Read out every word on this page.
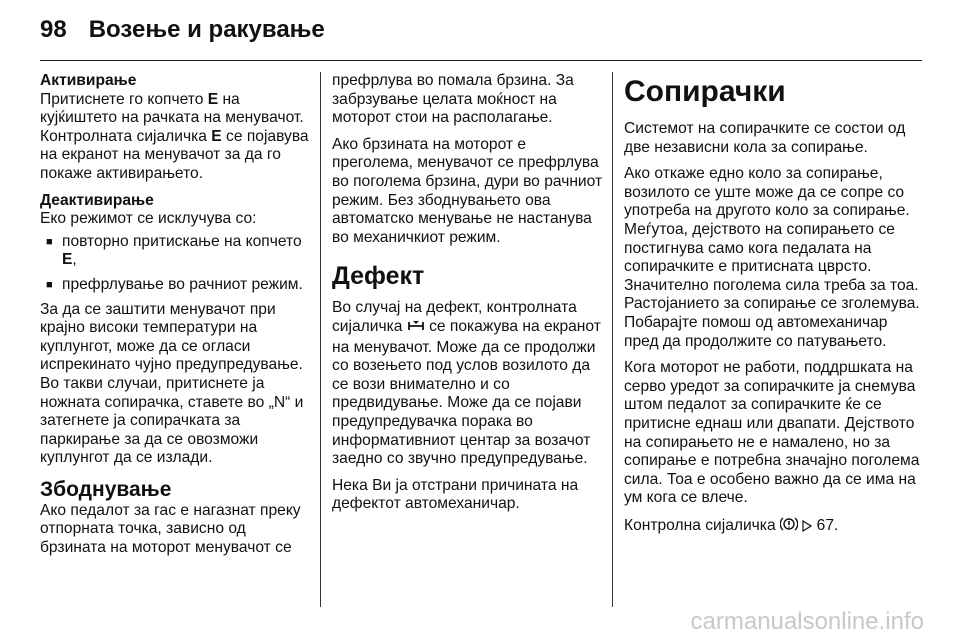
98 Возење и ракување
Активирање

Притиснете го копчето E на кујќиштето на рачката на менувачот. Контролната сијаличка E се појавува на екранот на менувачот за да го покаже активирањето.

Деактивирање

Еко режимот се исклучува со:

■ повторно притискање на копчето E,
■ префрлување во рачниот режим.

За да се заштити менувачот при крајно високи температури на куплунгот, може да се огласи испрекинато чујно предупредување. Во такви случаи, притиснете ја ножната сопирачка, ставете во „N“ и затегнете ја сопирачката за паркирање за да се овозможи куплунгот да се излади.

Збоднување

Ако педалот за гас е нагазнат преку отпорната точка, зависно од брзината на моторот менувачот се

префрлува во помала брзина. За забрзување целата моќност на моторот стои на располагање.

Ако брзината на моторот е преголема, менувачот се префрлува во поголема брзина, дури во рачниот режим. Без збоднувањето ова автоматско менување не настанува во механичкиот режим.

Дефект

Во случај на дефект, контролната сијаличка  се покажува на екранот на менувачот. Може да се продолжи со возењето под услов возилото да се вози внимателно и со предвидување. Може да се појави предупредувачка порака во информативниот центар за возачот заедно со звучно предупредување.

Нека Ви ја отстрани причината на дефектот автомеханичар.

Сопирачки

Системот на сопирачките се состои од две независни кола за сопирање.

Ако откаже едно коло за сопирање, возилото се уште може да се сопре со употреба на другото коло за сопирање. Меѓутоа, дејството на сопирањето се постигнува само кога педалата на сопирачките е притисната цврсто. Значително поголема сила треба за тоа. Растојанието за сопирање се зголемува. Побарајте помош од автомеханичар пред да продолжите со патувањето.

Кога моторот не работи, поддршката на серво уредот за сопирачките ја снемува штом педалот за сопирачките ќе се притисне еднаш или двапати. Дејството на сопирањето не е намалено, но за сопирање е потребна значајно поголема сила. Тоа е особено важно да се има на ум кога се влече.

Контролна сијаличка   67.

carmanualsonline.info
